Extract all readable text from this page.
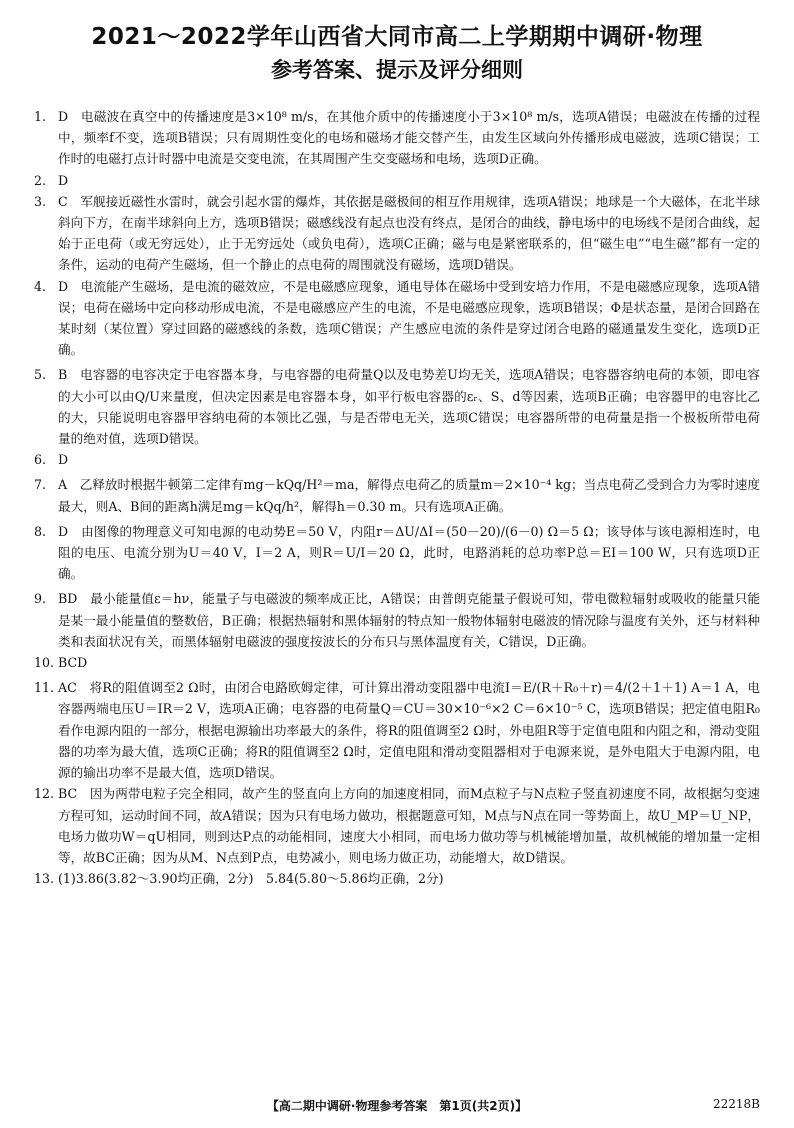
2021～2022学年山西省大同市高二上学期期中调研·物理
参考答案、提示及评分细则

1. D　电磁波在真空中的传播速度是3×10⁸ m/s，在其他介质中的传播速度小于3×10⁸ m/s，选项A错误；电磁波在传播的过程中，频率f不变，选项B错误；只有周期性变化的电场和磁场才能交替产生，由发生区域向外传播形成电磁波，选项C错误；工作时的电磁打点计时器中电流是交变电流，在其周围产生交变磁场和电场，选项D正确。

2. D

3. C　军舰接近磁性水雷时，就会引起水雷的爆炸，其依据是磁极间的相互作用规律，选项A错误；地球是一个大磁体，在北半球斜向下方，在南半球斜向上方，选项B错误；磁感线没有起点也没有终点，是闭合的曲线，静电场中的电场线不是闭合曲线，起始于正电荷（或无穷远处），止于无穷远处（或负电荷），选项C正确；磁与电是紧密联系的，但“磁生电”“电生磁”都有一定的条件，运动的电荷产生磁场，但一个静止的点电荷的周围就没有磁场，选项D错误。

4. D　电流能产生磁场，是电流的磁效应，不是电磁感应现象，通电导体在磁场中受到安培力作用，不是电磁感应现象，选项A错误；电荷在磁场中定向移动形成电流，不是电磁感应产生的电流，不是电磁感应现象，选项B错误；Φ是状态量，是闭合回路在某时刻（某位置）穿过回路的磁感线的条数，选项C错误；产生感应电流的条件是穿过闭合电路的磁通量发生变化，选项D正确。

5. B　电容器的电容决定于电容器本身，与电容器的电荷量Q以及电势差U均无关，选项A错误；电容器容纳电荷的本领，即电容的大小可以由Q/U来量度，但决定因素是电容器本身，如平行板电容器的εᵣ、S、d等因素，选项B正确；电容器甲的电容比乙的大，只能说明电容器甲容纳电荷的本领比乙强，与是否带电无关，选项C错误；电容器所带的电荷量是指一个极板所带电荷量的绝对值，选项D错误。

6. D

7. A　乙释放时根据牛顿第二定律有mg－kQq/H²＝ma，解得点电荷乙的质量m＝2×10⁻⁴ kg；当点电荷乙受到合力为零时速度最大，则A、B间的距离h满足mg＝kQq/h²，解得h＝0.30 m。只有选项A正确。

8. D　由图像的物理意义可知电源的电动势E＝50 V，内阻r＝ΔU/ΔI＝(50－20)/(6－0) Ω＝5 Ω；该导体与该电源相连时，电阻的电压、电流分别为U＝40 V，I＝2 A，则R＝U/I＝20 Ω，此时，电路消耗的总功率P总＝EI＝100 W，只有选项D正确。

9. BD　最小能量值ε＝hν，能量子与电磁波的频率成正比，A错误；由普朗克能量子假说可知，带电微粒辐射或吸收的能量只能是某一最小能量值的整数倍，B正确；根据热辐射和黑体辐射的特点知一般物体辐射电磁波的情况除与温度有关外，还与材料种类和表面状况有关，而黑体辐射电磁波的强度按波长的分布只与黑体温度有关，C错误，D正确。

10. BCD

11. AC　将R的阻值调至2 Ω时，由闭合电路欧姆定律，可计算出滑动变阻器中电流I＝E/(R＋R₀＋r)＝4/(2＋1＋1) A＝1 A，电容器两端电压U＝IR＝2 V，选项A正确；电容器的电荷量Q＝CU＝30×10⁻⁶×2 C＝6×10⁻⁵ C，选项B错误；把定值电阻R₀看作电源内阻的一部分，根据电源输出功率最大的条件，将R的阻值调至2 Ω时，外电阻R等于定值电阻和内阻之和，滑动变阻器的功率为最大值，选项C正确；将R的阻值调至2 Ω时，定值电阻和滑动变阻器相对于电源来说，是外电阻大于电源内阻，电源的输出功率不是最大值，选项D错误。

12. BC　因为两带电粒子完全相同，故产生的竖直向上方向的加速度相同，而M点粒子与N点粒子竖直初速度不同，故根据匀变速方程可知，运动时间不同，故A错误；因为只有电场力做功，根据题意可知，M点与N点在同一等势面上，故U_MP＝U_NP，电场力做功W＝qU相同，则到达P点的动能相同，速度大小相同，而电场力做功等与机械能增加量，故机械能的增加量一定相等，故BC正确；因为从M、N点到P点，电势减小，则电场力做正功，动能增大，故D错误。

13. (1)3.86(3.82～3.90均正确，2分)　5.84(5.80～5.86均正确，2分)

【高二期中调研·物理参考答案　第1页(共2页)】	22218B
